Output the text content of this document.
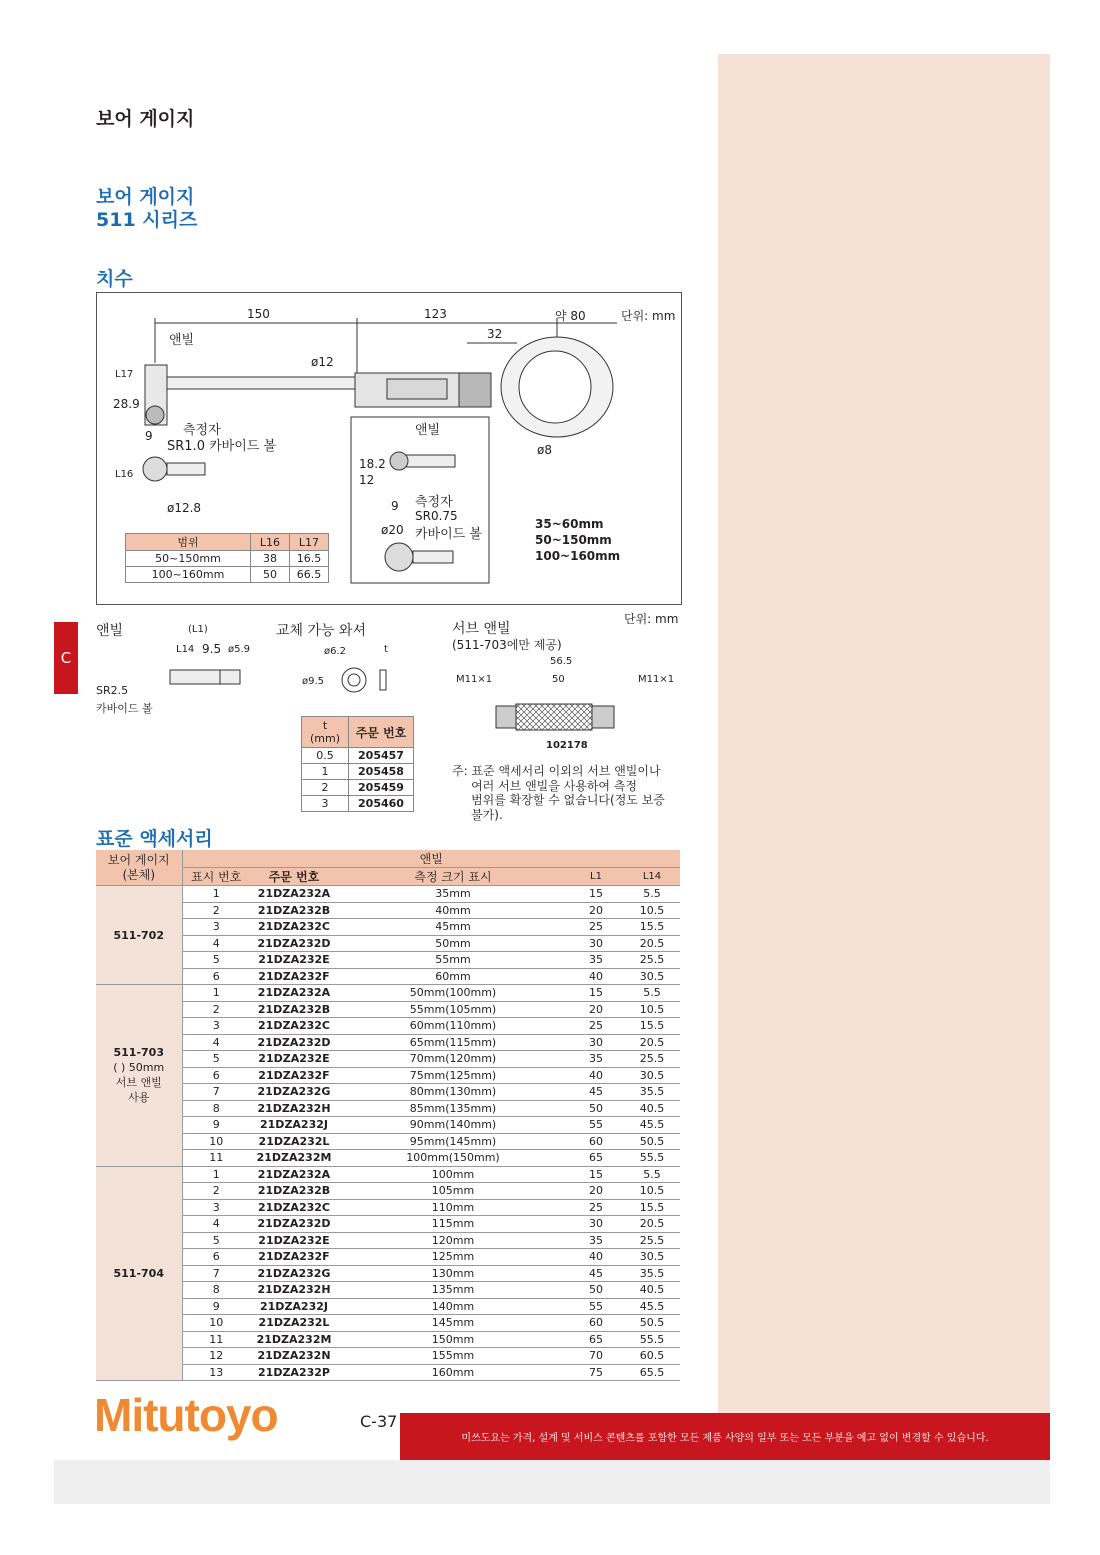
보어 게이지
보어 게이지
511 시리즈
치수
C
150	123	약 80	단위: mm
32
앤빌
L17
28.9
ø12
측정자
9
SR1.0 카바이드 볼
L16
ø12.8
ø8
앤빌
18.2
12
9 측정자
SR0.75
카바이드 볼
ø20	35~60mm
50~150mm
100~160mm
범위	L16	L17
50~150mm	38	16.5
100~160mm	50	66.5
앤빌	(L1)
L14 9.5 ø5.9
SR2.5
카바이드 볼
교체 가능 와셔
ø6.2
ø9.5
t
t
(mm)	주문 번호
0.5	205457
1	205458
2	205459
3	205460
서브 앤빌
(511-703에만 제공)
단위: mm
56.5
50
M11×1	M11×1
102178
주: 표준 액세서리 이외의 서브 앤빌이나
여러 서브 앤빌을 사용하여 측정
범위를 확장할 수 없습니다(정도 보증
불가).
표준 액세서리
보어 게이지
(본체)	앤빌				
	표시 번호	주문 번호	측정 크기 표시	L1	L14

511-702	1	21DZA232A	35mm	15	5.5
	2	21DZA232B	40mm	20	10.5
	3	21DZA232C	45mm	25	15.5
	4	21DZA232D	50mm	30	20.5
	5	21DZA232E	55mm	35	25.5
	6	21DZA232F	60mm	40	30.5

511-703
( ) 50mm
서브 앤빌
사용	1	21DZA232A	50mm(100mm)	15	5.5
	2	21DZA232B	55mm(105mm)	20	10.5
	3	21DZA232C	60mm(110mm)	25	15.5
	4	21DZA232D	65mm(115mm)	30	20.5
	5	21DZA232E	70mm(120mm)	35	25.5
	6	21DZA232F	75mm(125mm)	40	30.5
	7	21DZA232G	80mm(130mm)	45	35.5
	8	21DZA232H	85mm(135mm)	50	40.5
	9	21DZA232J	90mm(140mm)	55	45.5
	10	21DZA232L	95mm(145mm)	60	50.5
	11	21DZA232M	100mm(150mm)	65	55.5

511-704	1	21DZA232A	100mm	15	5.5
	2	21DZA232B	105mm	20	10.5
	3	21DZA232C	110mm	25	15.5
	4	21DZA232D	115mm	30	20.5
	5	21DZA232E	120mm	35	25.5
	6	21DZA232F	125mm	40	30.5
	7	21DZA232G	130mm	45	35.5
	8	21DZA232H	135mm	50	40.5
	9	21DZA232J	140mm	55	45.5
	10	21DZA232L	145mm	60	50.5
	11	21DZA232M	150mm	65	55.5
	12	21DZA232N	155mm	70	60.5
	13	21DZA232P	160mm	75	65.5
Mitutoyo	C-37
미쓰도요는 가격, 설계 및 서비스 콘텐츠를 포함한 모든 제품 사양의 일부 또는 모든 부분을 예고 없이 변경할 수 있습니다.
